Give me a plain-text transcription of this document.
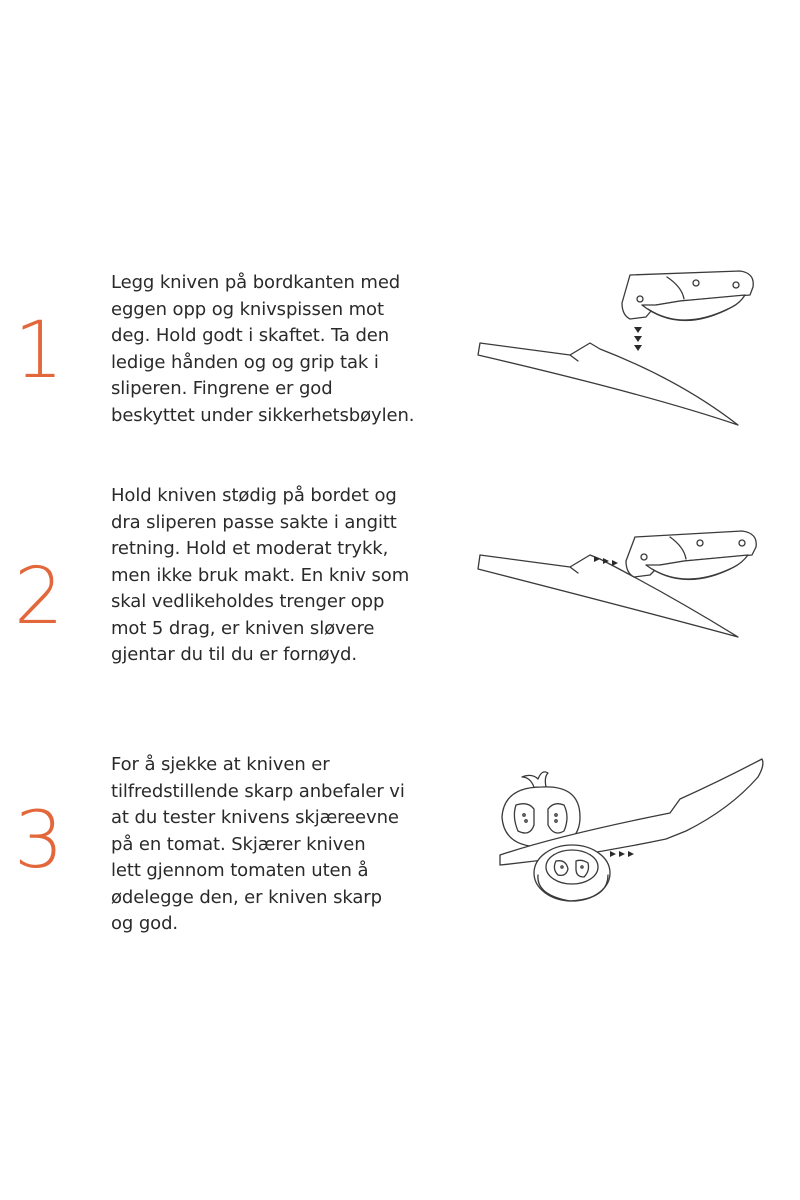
1

Legg kniven på bordkanten med
eggen opp og knivspissen mot
deg. Hold godt i skaftet. Ta den
ledige hånden og og grip tak i
sliperen. Fingrene er god
beskyttet under sikkerhetsbøylen.

2

Hold kniven stødig på bordet og
dra sliperen passe sakte i angitt
retning. Hold et moderat trykk,
men ikke bruk makt. En kniv som
skal vedlikeholdes trenger opp
mot 5 drag, er kniven sløvere
gjentar du til du er fornøyd.

3

For å sjekke at kniven er
tilfredstillende skarp anbefaler vi
at du tester knivens skjæreevne
på en tomat. Skjærer kniven
lett gjennom tomaten uten å
ødelegge den, er kniven skarp
og god.
